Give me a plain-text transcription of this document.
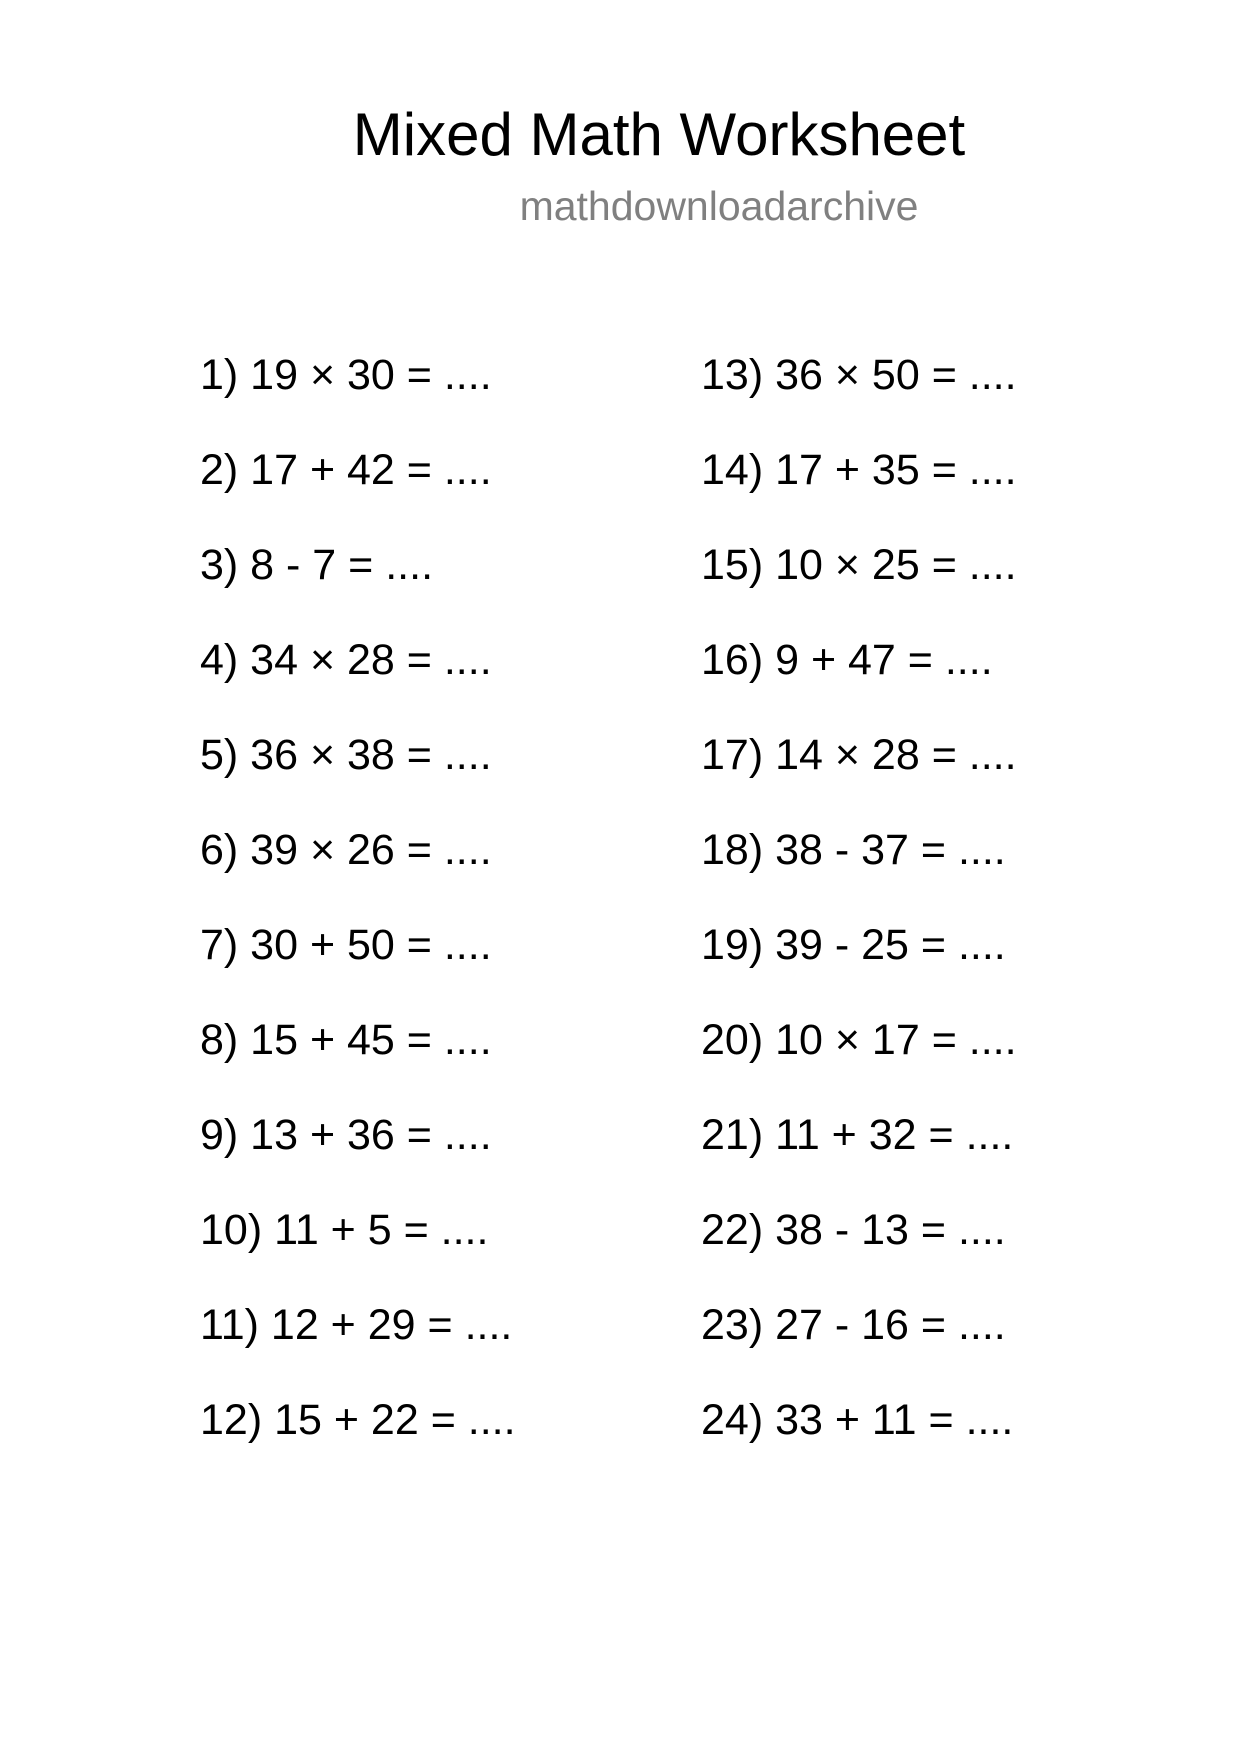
Mixed Math Worksheet
mathdownloadarchive
1) 19 × 30 = ....
2) 17 + 42 = ....
3) 8 - 7 = ....
4) 34 × 28 = ....
5) 36 × 38 = ....
6) 39 × 26 = ....
7) 30 + 50 = ....
8) 15 + 45 = ....
9) 13 + 36 = ....
10) 11 + 5 = ....
11) 12 + 29 = ....
12) 15 + 22 = ....
13) 36 × 50 = ....
14) 17 + 35 = ....
15) 10 × 25 = ....
16) 9 + 47 = ....
17) 14 × 28 = ....
18) 38 - 37 = ....
19) 39 - 25 = ....
20) 10 × 17 = ....
21) 11 + 32 = ....
22) 38 - 13 = ....
23) 27 - 16 = ....
24) 33 + 11 = ....
